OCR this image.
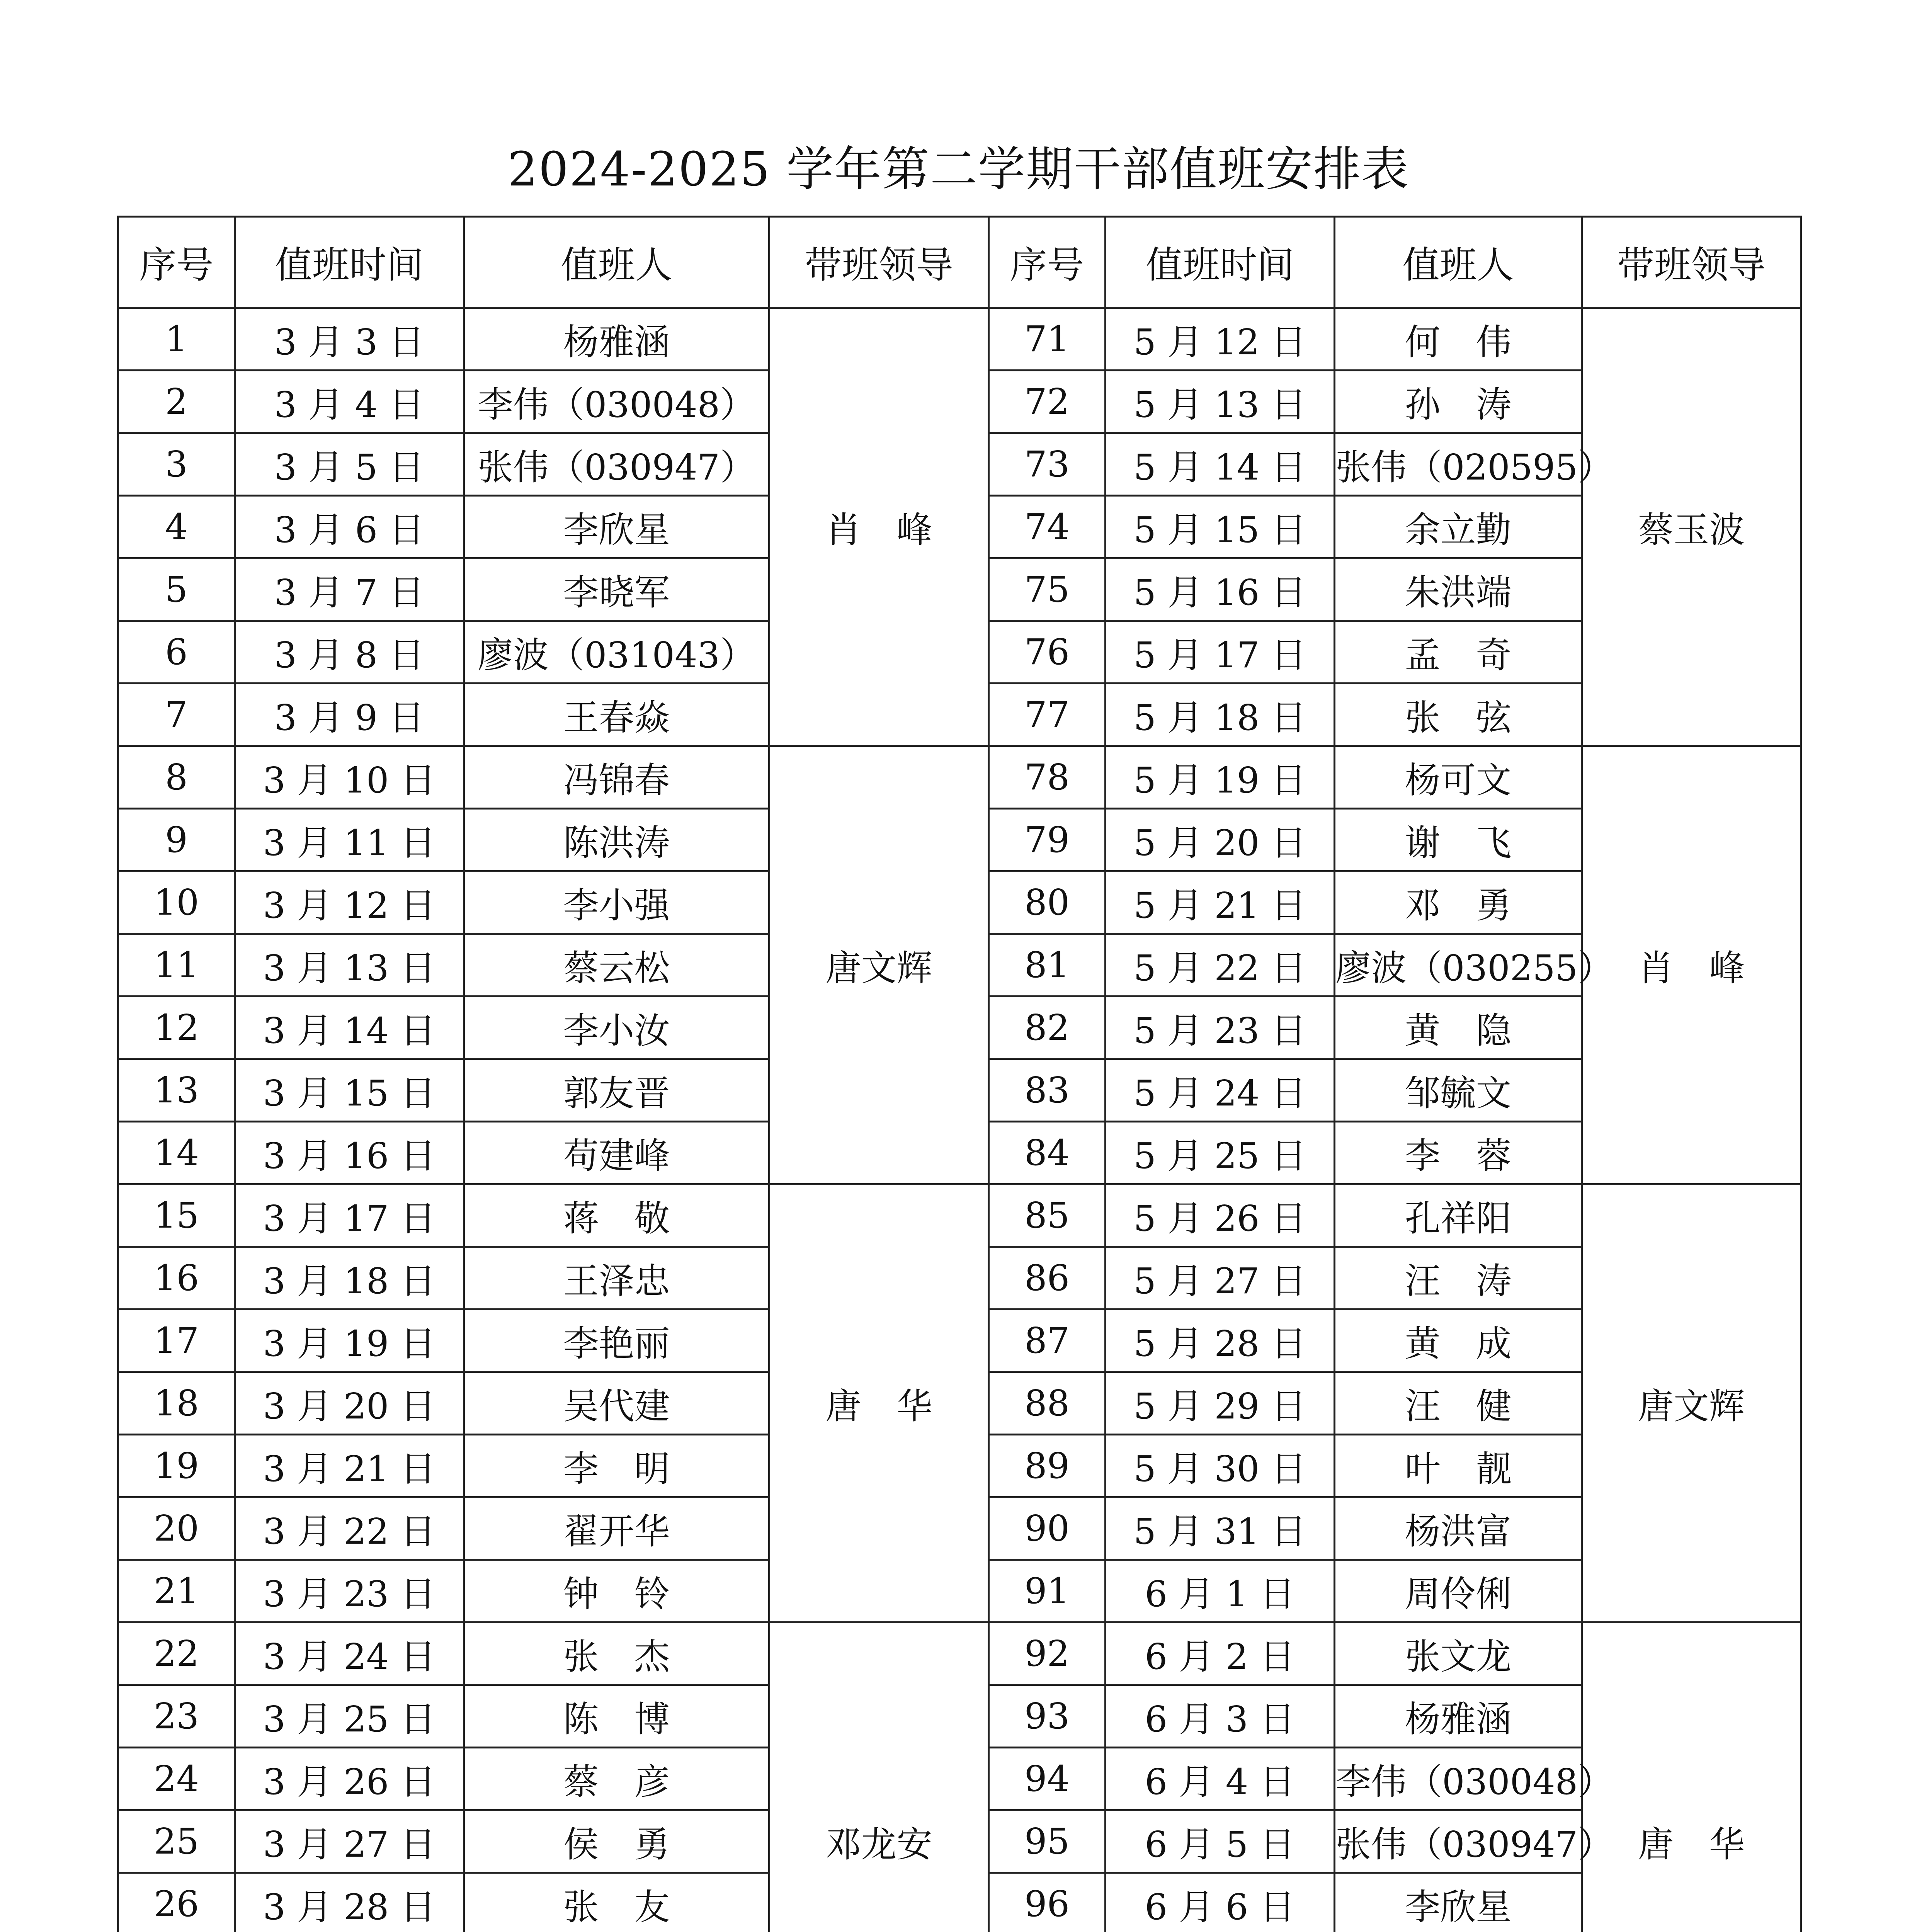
2024-2025 学年第二学期干部值班安排表
序号	值班时间	值班人	带班领导	序号	值班时间	值班人	带班领导
1	3 月 3 日	杨雅涵	肖　峰	71	5 月 12 日	何　伟	蔡玉波
2	3 月 4 日	李伟（030048）		72	5 月 13 日	孙　涛	
3	3 月 5 日	张伟（030947）		73	5 月 14 日	张伟（020595）	
4	3 月 6 日	李欣星		74	5 月 15 日	余立勤	
5	3 月 7 日	李晓军		75	5 月 16 日	朱洪端	
6	3 月 8 日	廖波（031043）		76	5 月 17 日	孟　奇	
7	3 月 9 日	王春焱		77	5 月 18 日	张　弦	
8	3 月 10 日	冯锦春	唐文辉	78	5 月 19 日	杨可文	肖　峰
9	3 月 11 日	陈洪涛		79	5 月 20 日	谢　飞	
10	3 月 12 日	李小强		80	5 月 21 日	邓　勇	
11	3 月 13 日	蔡云松		81	5 月 22 日	廖波（030255）	
12	3 月 14 日	李小汝		82	5 月 23 日	黄　隐	
13	3 月 15 日	郭友晋		83	5 月 24 日	邹毓文	
14	3 月 16 日	苟建峰		84	5 月 25 日	李　蓉	
15	3 月 17 日	蒋　敬	唐　华	85	5 月 26 日	孔祥阳	唐文辉
16	3 月 18 日	王泽忠		86	5 月 27 日	汪　涛	
17	3 月 19 日	李艳丽		87	5 月 28 日	黄　成	
18	3 月 20 日	吴代建		88	5 月 29 日	汪　健	
19	3 月 21 日	李　明		89	5 月 30 日	叶　靓	
20	3 月 22 日	翟开华		90	5 月 31 日	杨洪富	
21	3 月 23 日	钟　铃		91	6 月 1 日	周伶俐	
22	3 月 24 日	张　杰	邓龙安	92	6 月 2 日	张文龙	唐　华
23	3 月 25 日	陈　博		93	6 月 3 日	杨雅涵	
24	3 月 26 日	蔡　彦		94	6 月 4 日	李伟（030048）	
25	3 月 27 日	侯　勇		95	6 月 5 日	张伟（030947）	
26	3 月 28 日	张　友		96	6 月 6 日	李欣星	
